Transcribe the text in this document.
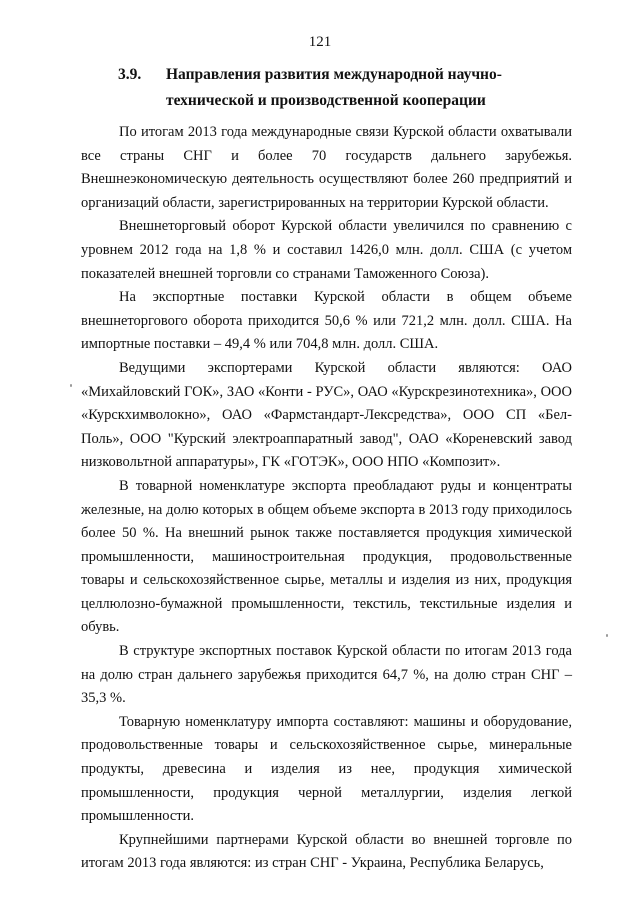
121
3.9. Направления развития международной научно-
технической и производственной кооперации

По итогам 2013 года международные связи Курской области охватывали все страны СНГ и более 70 государств дальнего зарубежья. Внешнеэкономическую деятельность осуществляют более 260 предприятий и организаций области, зарегистрированных на территории Курской области.

Внешнеторговый оборот Курской области увеличился по сравнению с уровнем 2012 года на 1,8 % и составил 1426,0 млн. долл. США (с учетом показателей внешней торговли со странами Таможенного Союза).

На экспортные поставки Курской области в общем объеме внешнеторгового оборота приходится 50,6 % или 721,2 млн. долл. США. На импортные поставки – 49,4 % или 704,8 млн. долл. США.

Ведущими экспортерами Курской области являются: ОАО «Михайловский ГОК», ЗАО «Конти - РУС», ОАО «Курскрезинотехника», ООО «Курскхимволокно», ОАО «Фармстандарт-Лексредства», ООО СП «Бел-Поль», ООО "Курский электроаппаратный завод", ОАО «Кореневский завод низковольтной аппаратуры», ГК «ГОТЭК», ООО НПО «Композит».

В товарной номенклатуре экспорта преобладают руды и концентраты железные, на долю которых в общем объеме экспорта в 2013 году приходилось более 50 %. На внешний рынок также поставляется продукция химической промышленности, машиностроительная продукция, продовольственные товары и сельскохозяйственное сырье, металлы и изделия из них, продукция целлюлозно-бумажной промышленности, текстиль, текстильные изделия и обувь.

В структуре экспортных поставок Курской области по итогам 2013 года на долю стран дальнего зарубежья приходится 64,7 %, на долю стран СНГ – 35,3 %.

Товарную номенклатуру импорта составляют: машины и оборудование, продовольственные товары и сельскохозяйственное сырье, минеральные продукты, древесина и изделия из нее, продукция химической промышленности, продукция черной металлургии, изделия легкой промышленности.

Крупнейшими партнерами Курской области во внешней торговле по итогам 2013 года являются: из стран СНГ - Украина, Республика Беларусь,
